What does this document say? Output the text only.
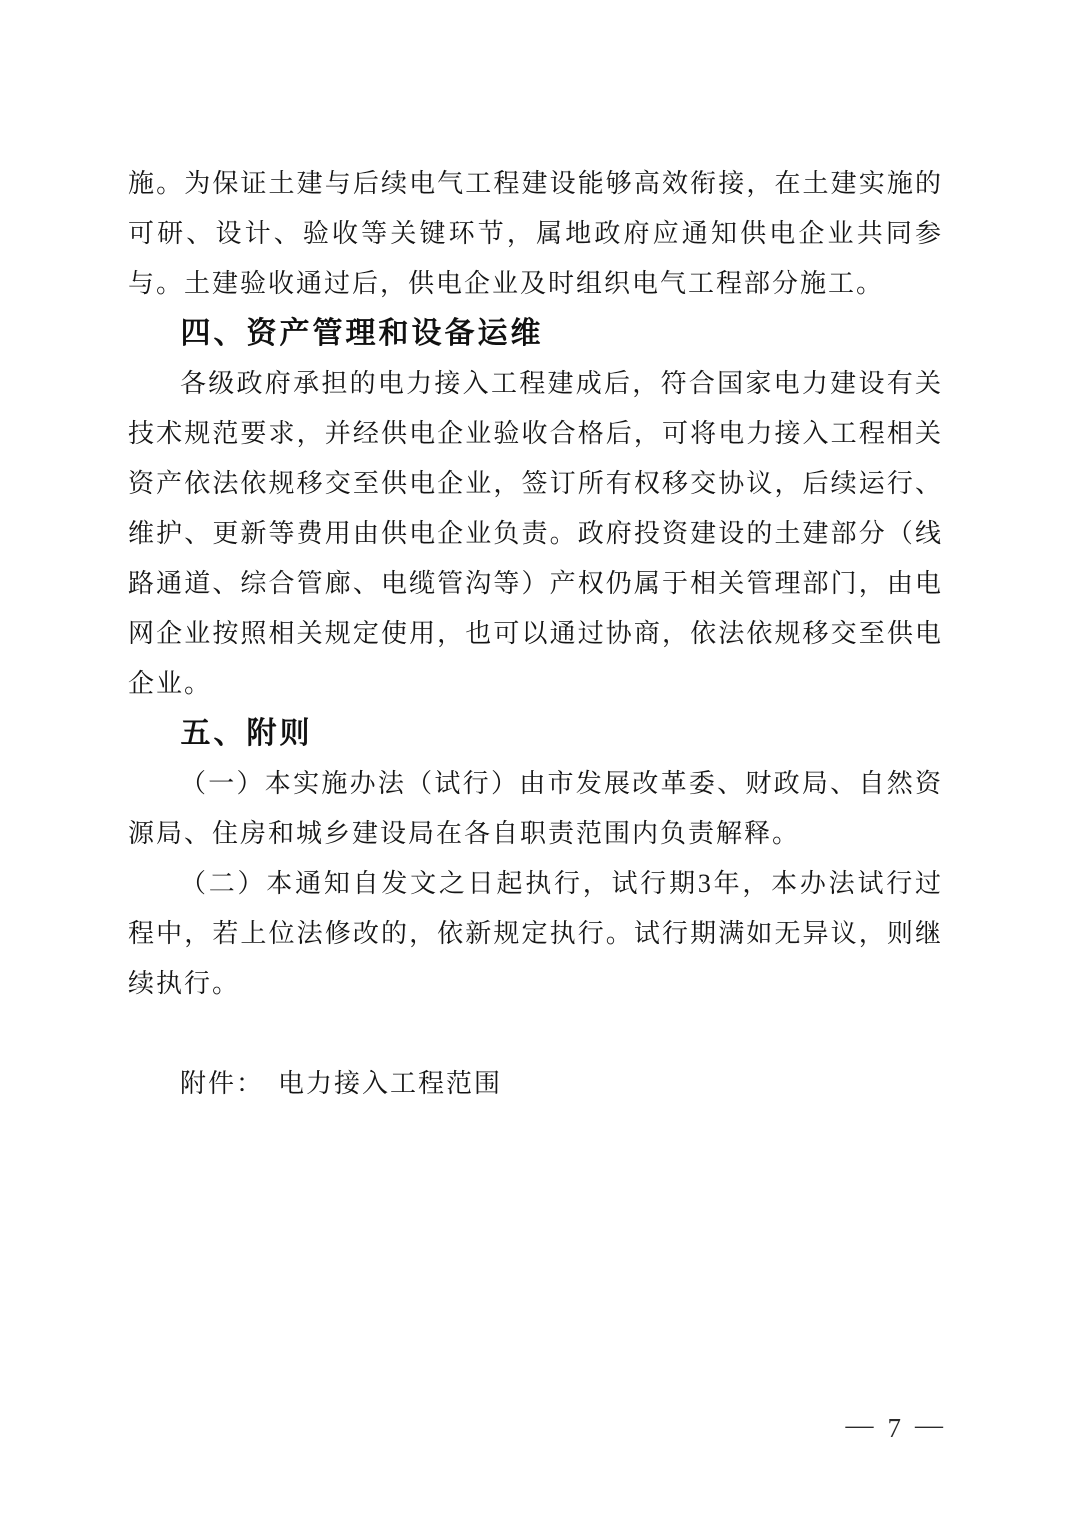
施。为保证土建与后续电气工程建设能够高效衔接，在土建实施的可研、设计、验收等关键环节，属地政府应通知供电企业共同参与。土建验收通过后，供电企业及时组织电气工程部分施工。

四、资产管理和设备运维

各级政府承担的电力接入工程建成后，符合国家电力建设有关技术规范要求，并经供电企业验收合格后，可将电力接入工程相关资产依法依规移交至供电企业，签订所有权移交协议，后续运行、维护、更新等费用由供电企业负责。政府投资建设的土建部分（线路通道、综合管廊、电缆管沟等）产权仍属于相关管理部门，由电网企业按照相关规定使用，也可以通过协商，依法依规移交至供电企业。

五、附则

（一）本实施办法（试行）由市发展改革委、财政局、自然资源局、住房和城乡建设局在各自职责范围内负责解释。

（二）本通知自发文之日起执行，试行期3年，本办法试行过程中，若上位法修改的，依新规定执行。试行期满如无异议，则继续执行。

附件： 电力接入工程范围

— 7 —
